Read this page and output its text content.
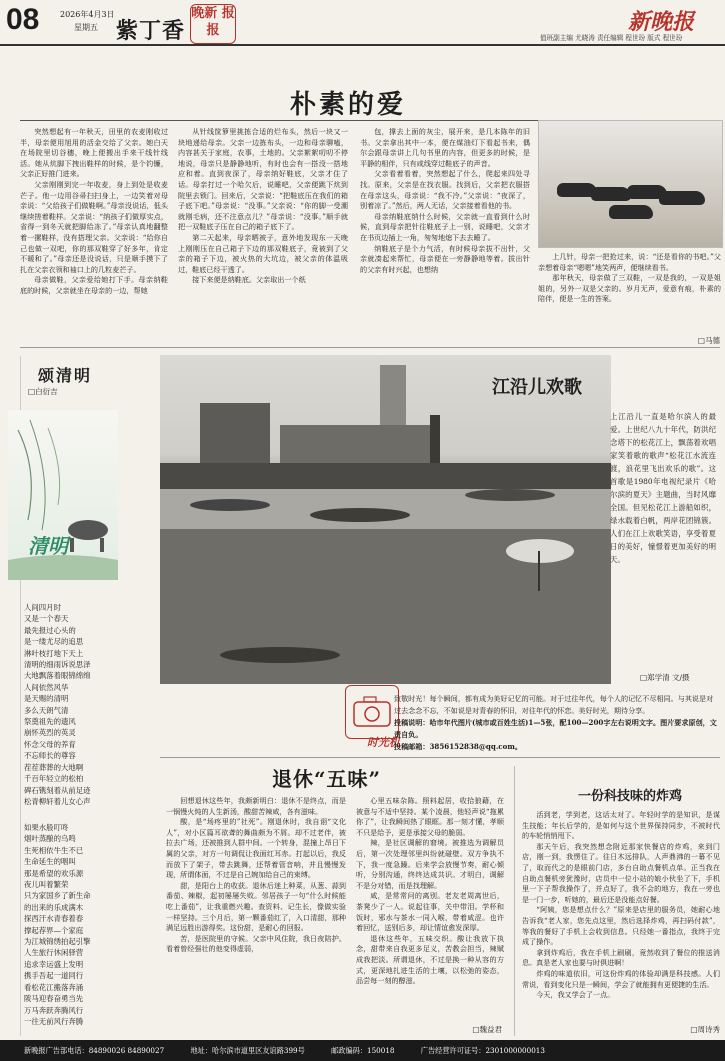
08	2026年4月3日
星期五 紫丁香
晚新 报报	新晚报
值班副主编 尤晓涛 责任编辑 程世玢 版式 程世玢
朴素的爱

突然想起有一年秋天，田里的农麦刚收过半，母亲便用旭用的活金交给了父亲。她白天在场院里切谷穗，晚上便搬出手来干线针线活。她从炕脚下拽出鞋样的时候，是个钓镰，父亲正好推门进来。

父亲刚刚到完一年收麦，身上到处是收麦芒子。他一边用谷帚扫扫身上，一边笑着对母亲说：“父给孩子们做鞋啊。”母亲没说话，低头继续搓着鞋样。父亲说：“纳孩子们做厚实点，省得一到冬天就把脚给冻了。”母亲认真地翻整着一摞鞋样，没有搭理父亲。父亲说：“给你自己也做一双吧，你的那双鞋穿了好多年，肯定不暖和了。”母亲还是没说话，只是顺手摸下了扎在父亲衣领和袖口上的几粒麦芒子。

母亲做鞋，父亲爱给她打下手。母亲纳鞋底的时候，父亲就坐在母亲的一边，帮她

从针线筐箩里挑拣合适的烂布头，然后一块又一块地递给母亲。父亲一边拣布头，一边和母亲聊嗑，内容甚关于家庭，农事，土地的。父亲絮絮叨叨不停地说，母亲只是静静地听，有时也会有一搭没一搭地应和着。直到夜深了，母亲纳好鞋底，父亲才住了话。母亲打过一个哈欠后，说睡吧，父亲便跳下炕到院里去锁门。回来后，父亲说：“把鞋底压在我们的箱子底下吧。”母亲说：“没事。”父亲说：“你的脚一受潮就刚毛病，还不注意点儿？”母亲说：“没事。”顺手就把一双鞋底子压在自己的箱子底下了。

第二天起来，母亲晒被子，意外地发现东一天晚上刚刚压在自己箱子下边的那双鞋底子，竟被到了父亲的箱子下边，被火热的大坑边，被父亲的体温吸过，鞋底已经干透了。

接下来便是纳鞋底。父亲取出一个纸

包，撑去上面的灰尘，展开来，是几本陈年的旧书。父亲拿出其中一本，便在煤油灯下看起书来，偶尔会跟母亲讲上几句书里的内容，但更多的时候，是平静的相伴，只有咸线穿过鞋底子的声音。

父亲看着看着，突然想起了什么，爬起来四处寻找。原来，父亲是在找衣服。找到后，父亲把衣服搭在母亲这头，母亲说：“我不冷。”父亲说：“夜深了，别着凉了。”然后，两人无话，父亲接着看他的书。

母亲纳鞋底纳什么时候，父亲就一直看到什么时候，直到母亲把针往鞋底子上一别，说睡吧，父亲才在书页边插上一角，匆匆地熄下去去睡了。

纳鞋底子是个力气活，有时候母亲拔不出针，父亲就凑起来帮忙，母亲便在一旁静静地等着。拔出针的父亲有时兴起，也想纳

上几针，母亲一把抢过来，说：“还是看你的书吧。”父亲想着母亲“嗯嗯”地笑两声，便继续看书。

那年秋天，母亲做了三双鞋，一双是我的，一双是姐姐的，另外一双是父亲的。岁月无声，爱意有痕，朴素的陪伴，便是一生的答案。

□马德
颂清明
□白衍吉
清明
人间四月时
又是一个春天
最先报过心头的
是一缕尤尽的追思
淋叶枝打地下天上
清明的细雨诉说思泽
大地飘落着眼锦绵绵
人间依然风华
是天赐的清明
多么天朗气清
祭奠祖先的遗风
崩怀英烈的英灵
怀念父母的养育
不忘师长的尊容
茬茬葬葬的大地啊
千百年轻立的松柏
碑石镌刻着从前足迹
松青柳轩着儿女心声
如果水般叮咚
烟叶蒸酿的乌鸣
生死相依牛生不已
生命延生的咽叫
那是希望的欢乐源
夜儿叫着繁荣
只为家国乡了新生命
的出来的乐成满木
探西汗水青春着春
撑起荐界—个家庭
为江城锦绣拍起引擎
人生旅行休闲驿营
追求幸运盛上发明
携手吾起一道同行
看松花江搬落奔涌
陂马迎春奋勇当先
万马奔跃奔腾风行
一往无前风行奔腾
江沿儿欢歌
上江沿儿一直是哈尔滨人的最爱。上世纪八九十年代，防洪纪念塔下的松花江上，飘荡着欢唱家笑着歌的歌声“松花江水流连渡，浪花里飞出欢乐的歌”。这首歌是1980年电视纪录片《哈尔滨的夏天》主题曲，当时风靡全国。但见松花江上游船如织，绿水载着白帆，两岸花团锦簇。人们在江上欢歌笑语，享受着夏日的美好，憧憬着更加美好的明天。
□郑学清 文/摄
时光机

致敬时光！每个瞬间，都有成为美好记忆的可能。对于过往年代，每个人的记忆不尽相同。与其说是对过去念念不忘，不如说是对青春的怀旧，对往年代的怀恋。美好时光，期待分享。

投稿说明：哈市年代图片(城市或百姓生活)1—5张，配100—200字左右说明文字。图片要求原创，文责自负。

投稿邮箱：3856152838@qq.com。

退休“五味”

回想退休这些年，我颇新明白：退休不是终点，而是一锅慢火炖的人生新汤，酸甜苦辣咸，各有滋味。

酸，是“场疼里的”社死”。刚退休时，我自诩“文化人”，对小区篇耳欲聋的舞曲颇为不屑。却不过老伴，被拉去广场，还被推到人群中间。一个转身，混撞上昂日下属的父亲，对方一句调侃让我面红耳赤。打起以后，我反而放下了架子，带去跳舞，还帮着管音响，并且慢慢发现，所谓体面，不过是自己婉加给自己的束缚。

甜，是阳台上的收获。退休后迷上种菜，从葱、蒜到番茄、辣椒，起初屡屡失败。邻居孩子一句“什么时候能吃上番茄”，让我重燃兴趣。查资料、记生长，像做实验一样坚持。三个月后，第一颗番茄红了，入口清甜，那种满足远胜出游得奖。这份甜，是耐心的回报。

苦，是医院里的守候。父亲中风住院，我日夜陪护。看着曾经强壮的他变得虚弱，

心里五味杂陈。照料起居，收拾狼藉，在被意与不适中坚持。某个凌晨，他轻声说“拖累你了”，让我瞬间热了眼眶。那一刻才懂，孝顺不只是给予，更是承接父母的脆弱。

辣，是社区调解的窘境。被推选为调解员后，第一次处理邻里纠纷就碰壁。双方争执不下，我一度急躁。后来学会放慢节奏，耐心倾听，分别沟通，终终达成共识。才明白，调解不是分对错，而是找理解。

咸，是常常问的离别。老友老周离世后，茶凳少了一人。说起往事，关中带泪。学杯和饭时，邪水与茶水一同入喉，带着咸涩。也许着回忆，送别后多，却让情谊愈发深厚。

退休这些年，五味交织。酸让我放下执念，甜带来自我更多足义，苦教会担当，辣赋成我把淡。所谓退休，不过是换一种从容的方式，更深地扎进生活的土壤，以松弛的姿态，品尝每一刻的醇滋。

□魏益君
一份科技味的炸鸡

活到老，学到老，这话太对了。年轻时学的是知识，是谋生技能；年长后学的，是如何与这个世界保持同步，不被时代的车轮悄悄甩下。

那天午后，我突然想念附近那家快餐店的炸鸡，来到门店，刚一到，我愣住了。往日木远排队，人声鼎沸的一幕不见了，取而代之的是眼前门店，多台自助点餐机点单。正当我在自助点餐机旁犹豫时，店员中一位小站的娘小伙坐了下，手机里一下子帮我操作了，并点好了，我不会的地方，我在一旁也是一门一步，听她的，最后还是没能点好餐。

“阿姨，您是想点什么？”原来是店里的服务员，她耐心地告诉我“老人家，您先点这里，然后选择炸鸡，再扫码付款”，等我的餐好了手机上会收到信息。只经她一番指点，我终于完成了操作。

拿到炸鸡后，我在手机上刷刷，竟然收到了餐位的推送消息。真是老人家也要与时俱进啊！

炸鸡的味道依旧，可这份炸鸡的体验却满是科技感。人们常说，看到变化只是一瞬间，学会了就能拥有更便捷的生活。

今天，我又学会了一点。

□周诗秀
新晚报广告部电话：84890026 84890027	地址：哈尔滨市道里区友谊路399号	邮政编码：150018	广告经营许可证号：2301000000013
